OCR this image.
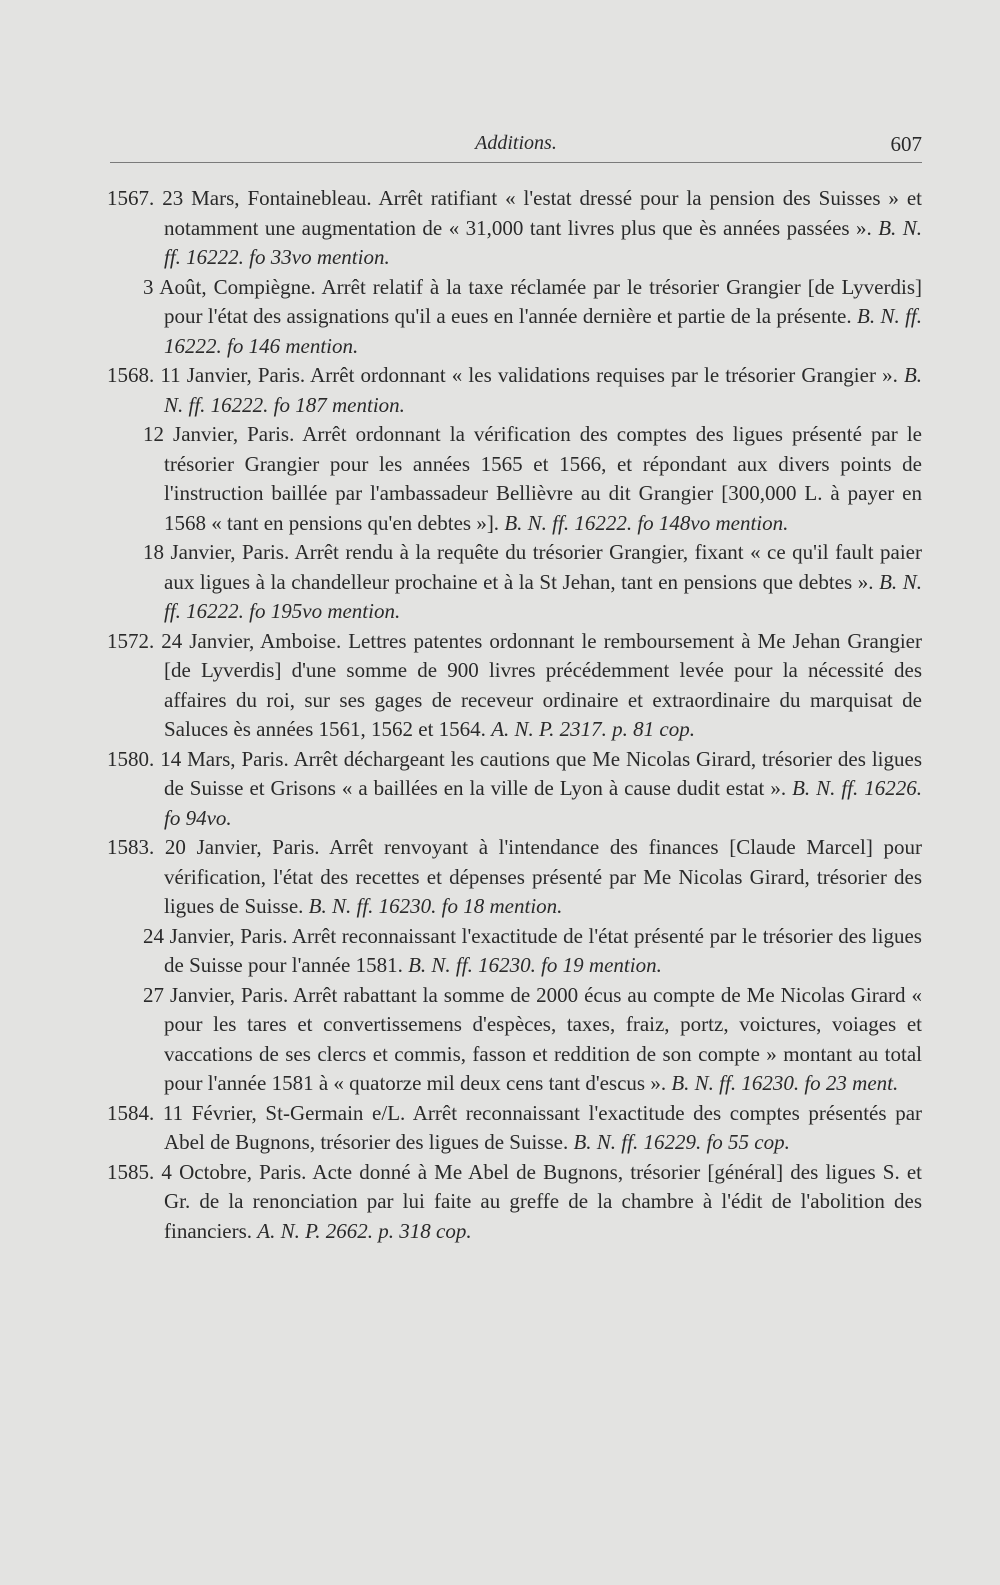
Additions.	607

1567. 23 Mars, Fontainebleau. Arrêt ratifiant « l'estat dressé pour la pension des Suisses » et notamment une augmentation de « 31,000 tant livres plus que ès années passées ». B. N. ff. 16222. fo 33vo mention.

3 Août, Compiègne. Arrêt relatif à la taxe réclamée par le trésorier Grangier [de Lyverdis] pour l'état des assignations qu'il a eues en l'année dernière et partie de la présente. B. N. ff. 16222. fo 146 mention.

1568. 11 Janvier, Paris. Arrêt ordonnant « les validations requises par le trésorier Grangier ». B. N. ff. 16222. fo 187 mention.

12 Janvier, Paris. Arrêt ordonnant la vérification des comptes des ligues présenté par le trésorier Grangier pour les années 1565 et 1566, et répondant aux divers points de l'instruction baillée par l'ambassadeur Bellièvre au dit Grangier [300,000 L. à payer en 1568 « tant en pensions qu'en debtes »]. B. N. ff. 16222. fo 148vo mention.

18 Janvier, Paris. Arrêt rendu à la requête du trésorier Grangier, fixant « ce qu'il fault paier aux ligues à la chandelleur prochaine et à la St Jehan, tant en pensions que debtes ». B. N. ff. 16222. fo 195vo mention.

1572. 24 Janvier, Amboise. Lettres patentes ordonnant le remboursement à Me Jehan Grangier [de Lyverdis] d'une somme de 900 livres précédemment levée pour la nécessité des affaires du roi, sur ses gages de receveur ordinaire et extraordinaire du marquisat de Saluces ès années 1561, 1562 et 1564. A. N. P. 2317. p. 81 cop.

1580. 14 Mars, Paris. Arrêt déchargeant les cautions que Me Nicolas Girard, trésorier des ligues de Suisse et Grisons « a baillées en la ville de Lyon à cause dudit estat ». B. N. ff. 16226. fo 94vo.

1583. 20 Janvier, Paris. Arrêt renvoyant à l'intendance des finances [Claude Marcel] pour vérification, l'état des recettes et dépenses présenté par Me Nicolas Girard, trésorier des ligues de Suisse. B. N. ff. 16230. fo 18 mention.

24 Janvier, Paris. Arrêt reconnaissant l'exactitude de l'état présenté par le trésorier des ligues de Suisse pour l'année 1581. B. N. ff. 16230. fo 19 mention.

27 Janvier, Paris. Arrêt rabattant la somme de 2000 écus au compte de Me Nicolas Girard « pour les tares et convertissemens d'espèces, taxes, fraiz, portz, voictures, voiages et vaccations de ses clercs et commis, fasson et reddition de son compte » montant au total pour l'année 1581 à « quatorze mil deux cens tant d'escus ». B. N. ff. 16230. fo 23 ment.

1584. 11 Février, St-Germain e/L. Arrêt reconnaissant l'exactitude des comptes présentés par Abel de Bugnons, trésorier des ligues de Suisse. B. N. ff. 16229. fo 55 cop.

1585. 4 Octobre, Paris. Acte donné à Me Abel de Bugnons, trésorier [général] des ligues S. et Gr. de la renonciation par lui faite au greffe de la chambre à l'édit de l'abolition des financiers. A. N. P. 2662. p. 318 cop.
